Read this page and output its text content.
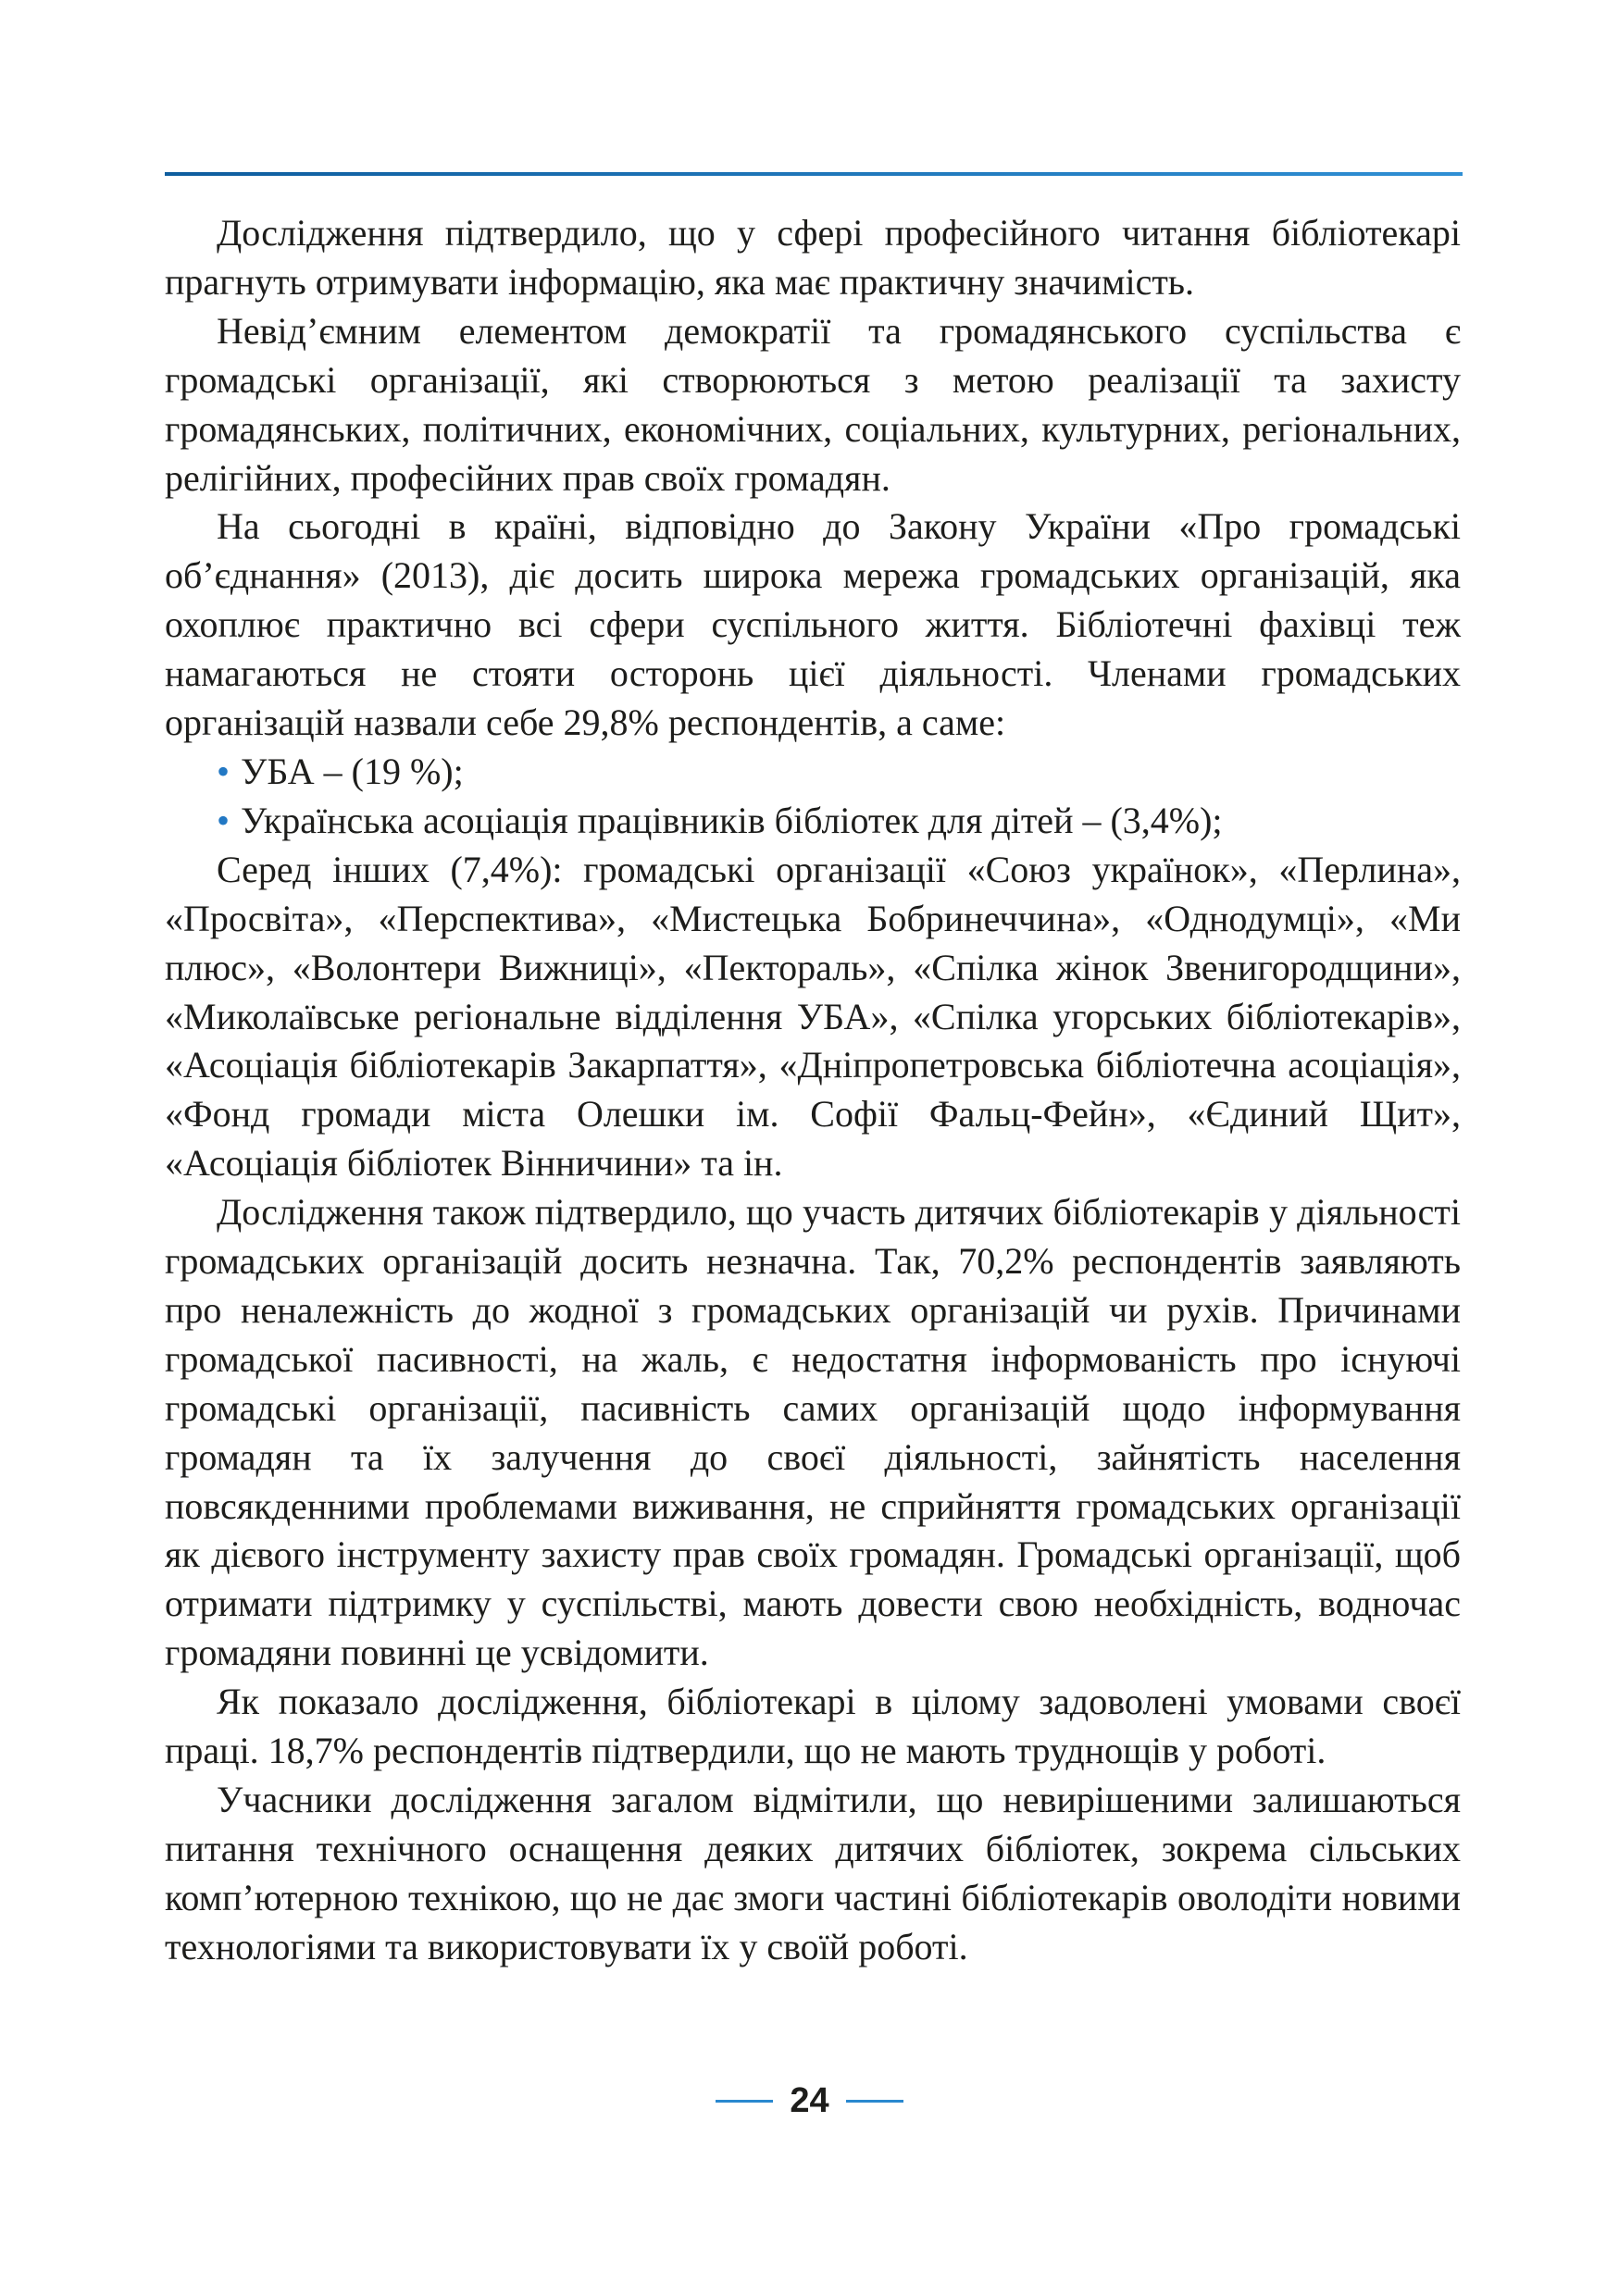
Дослідження підтвердило, що у сфері професійного читання бібліотекарі прагнуть отримувати інформацію, яка має практичну значимість.

Невід’ємним елементом демократії та громадянського суспільства є громадські організації, які створюються з метою реалізації та захисту громадянських, політичних, економічних, соціальних, культурних, регіональних, релігійних, професійних прав своїх громадян.

На сьогодні в країні, відповідно до Закону України «Про громадські об’єднання» (2013), діє досить широка мережа громадських організацій, яка охоплює практично всі сфери суспільного життя. Бібліотечні фахівці теж намагаються не стояти осторонь цієї діяльності. Членами громадських організацій назвали себе 29,8% респондентів, а саме:

• УБА – (19 %);
• Українська асоціація працівників бібліотек для дітей – (3,4%);

Серед інших (7,4%): громадські організації «Союз українок», «Перлина», «Просвіта», «Перспектива», «Мистецька Бобринеччина», «Однодумці», «Ми плюс», «Волонтери Вижниці», «Пектораль», «Спілка жінок Звенигородщини», «Миколаївське регіональне відділення УБА», «Спілка угорських бібліотекарів», «Асоціація бібліотекарів Закарпаття», «Дніпропетровська бібліотечна асоціація», «Фонд громади міста Олешки ім. Софії Фальц-Фейн», «Єдиний Щит», «Асоціація бібліотек Вінничини» та ін.

Дослідження також підтвердило, що участь дитячих бібліотекарів у діяльності громадських організацій досить незначна. Так, 70,2% респондентів заявляють про неналежність до жодної з громадських організацій чи рухів. Причинами громадської пасивності, на жаль, є недостатня інформованість про існуючі громадські організації, пасивність самих організацій щодо інформування громадян та їх залучення до своєї діяльності, зайнятість населення повсякденними проблемами виживання, не сприйняття громадських організації як дієвого інструменту захисту прав своїх громадян. Громадські організації, щоб отримати підтримку у суспільстві, мають довести свою необхідність, водночас громадяни повинні це усвідомити.

Як показало дослідження, бібліотекарі в цілому задоволені умовами своєї праці. 18,7% респондентів підтвердили, що не мають труднощів у роботі.

Учасники дослідження загалом відмітили, що невирішеними залишаються питання технічного оснащення деяких дитячих бібліотек, зокрема сільських комп’ютерною технікою, що не дає змоги частині бібліотекарів оволодіти новими технологіями та використовувати їх у своїй роботі.

24
